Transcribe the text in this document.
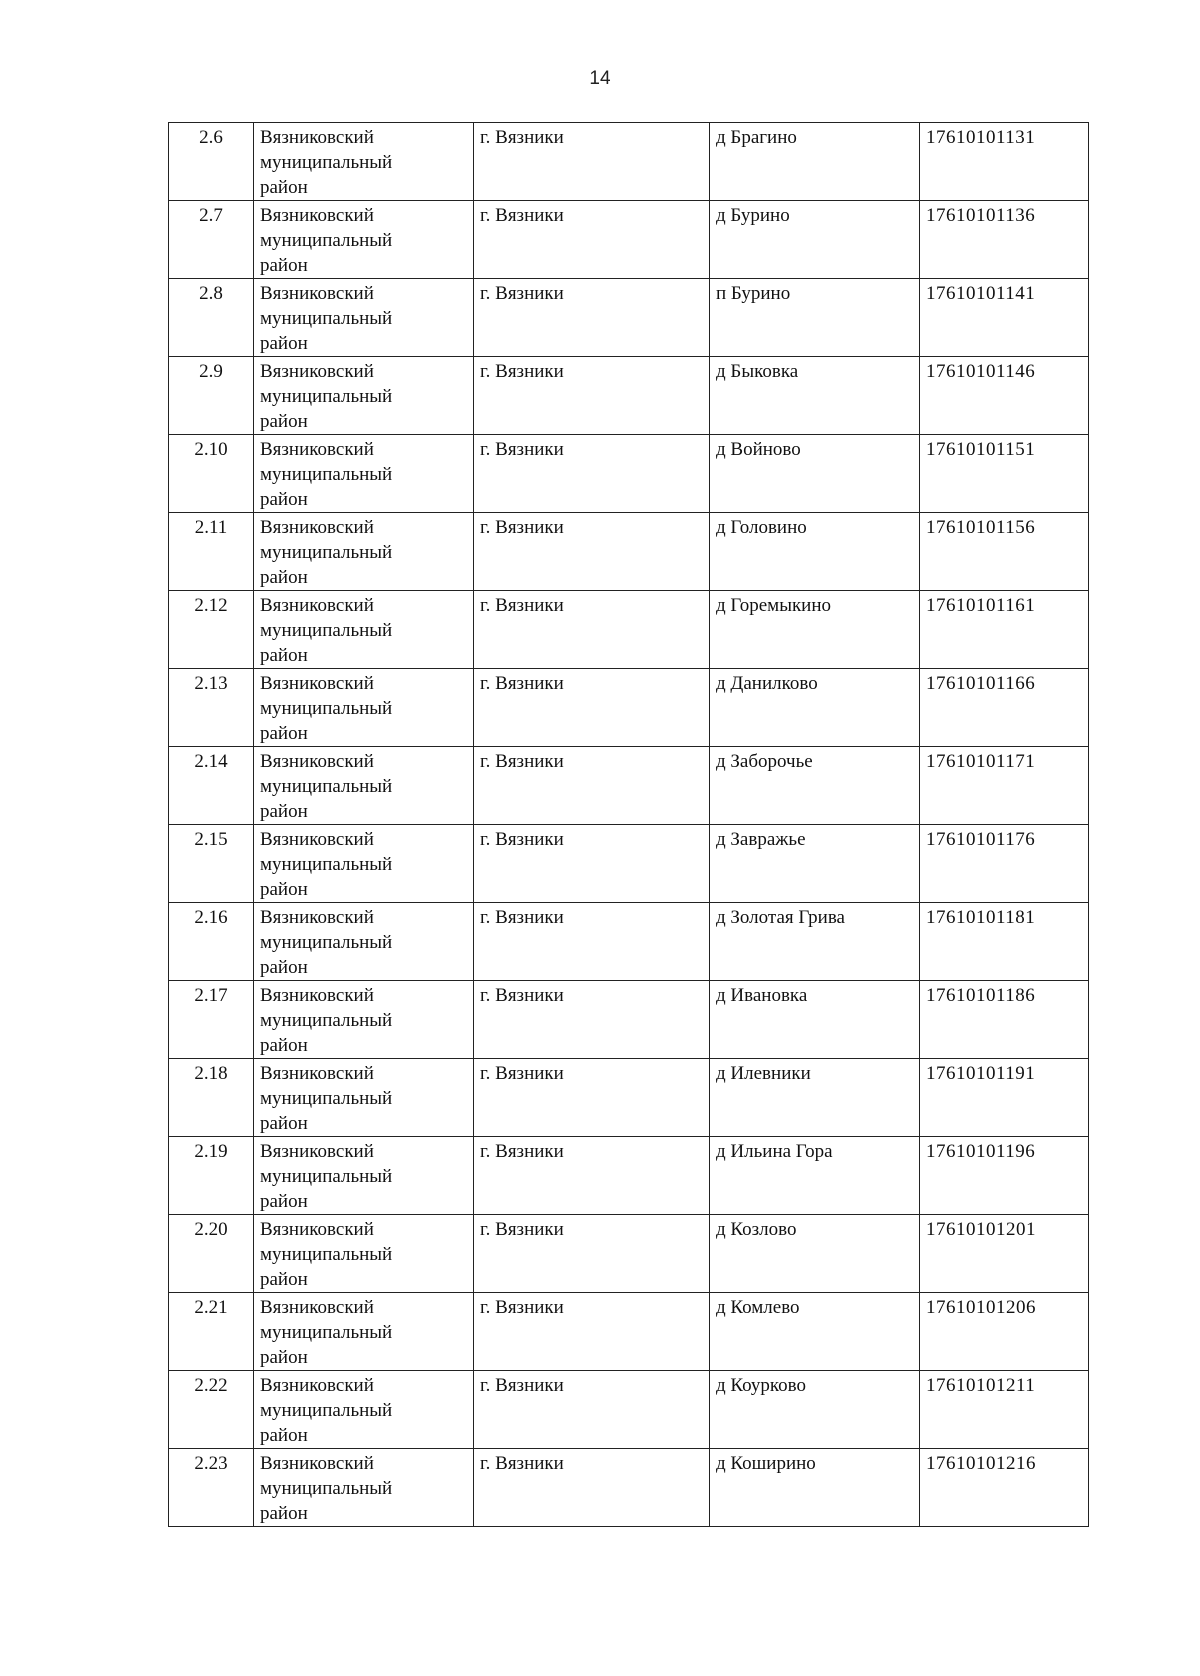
14
2.6	Вязниковский муниципальный район	г. Вязники	д Брагино	17610101131
2.7	Вязниковский муниципальный район	г. Вязники	д Бурино	17610101136
2.8	Вязниковский муниципальный район	г. Вязники	п Бурино	17610101141
2.9	Вязниковский муниципальный район	г. Вязники	д Быковка	17610101146
2.10	Вязниковский муниципальный район	г. Вязники	д Войново	17610101151
2.11	Вязниковский муниципальный район	г. Вязники	д Головино	17610101156
2.12	Вязниковский муниципальный район	г. Вязники	д Горемыкино	17610101161
2.13	Вязниковский муниципальный район	г. Вязники	д Данилково	17610101166
2.14	Вязниковский муниципальный район	г. Вязники	д Заборочье	17610101171
2.15	Вязниковский муниципальный район	г. Вязники	д Завражье	17610101176
2.16	Вязниковский муниципальный район	г. Вязники	д Золотая Грива	17610101181
2.17	Вязниковский муниципальный район	г. Вязники	д Ивановка	17610101186
2.18	Вязниковский муниципальный район	г. Вязники	д Илевники	17610101191
2.19	Вязниковский муниципальный район	г. Вязники	д Ильина Гора	17610101196
2.20	Вязниковский муниципальный район	г. Вязники	д Козлово	17610101201
2.21	Вязниковский муниципальный район	г. Вязники	д Комлево	17610101206
2.22	Вязниковский муниципальный район	г. Вязники	д Коурково	17610101211
2.23	Вязниковский муниципальный район	г. Вязники	д Коширино	17610101216
